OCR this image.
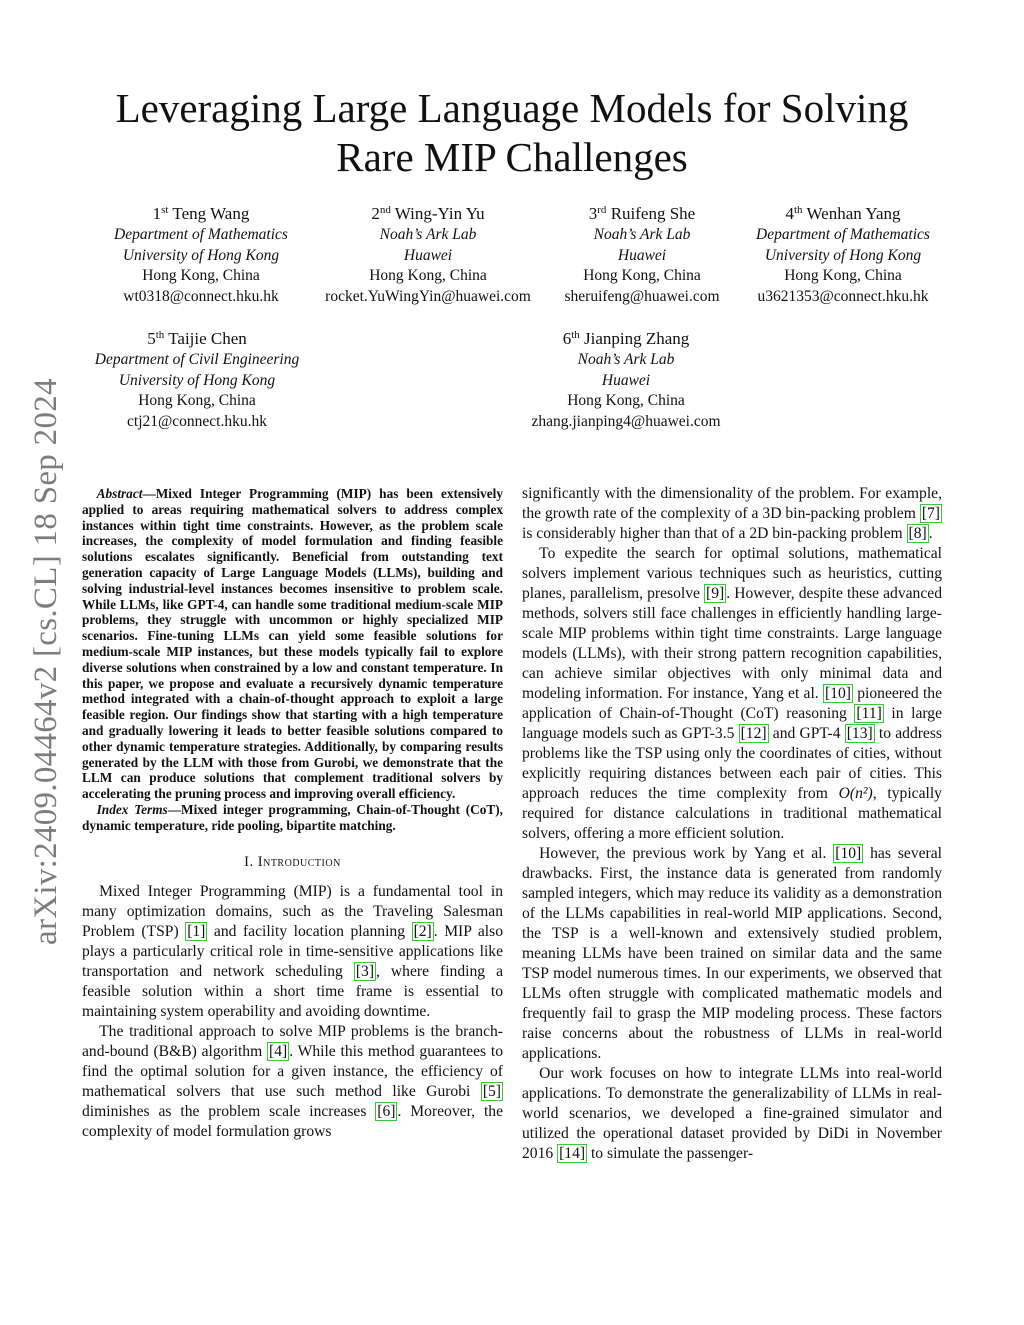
arXiv:2409.04464v2 [cs.CL] 18 Sep 2024
Leveraging Large Language Models for Solving
Rare MIP Challenges
1st Teng Wang
Department of Mathematics
University of Hong Kong
Hong Kong, China
wt0318@connect.hku.hk
2nd Wing-Yin Yu
Noah’s Ark Lab
Huawei
Hong Kong, China
rocket.YuWingYin@huawei.com
3rd Ruifeng She
Noah’s Ark Lab
Huawei
Hong Kong, China
sheruifeng@huawei.com
4th Wenhan Yang
Department of Mathematics
University of Hong Kong
Hong Kong, China
u3621353@connect.hku.hk
5th Taijie Chen
Department of Civil Engineering
University of Hong Kong
Hong Kong, China
ctj21@connect.hku.hk
6th Jianping Zhang
Noah’s Ark Lab
Huawei
Hong Kong, China
zhang.jianping4@huawei.com

Abstract—Mixed Integer Programming (MIP) has been extensively applied to areas requiring mathematical solvers to address complex instances within tight time constraints. However, as the problem scale increases, the complexity of model formulation and finding feasible solutions escalates significantly. Beneficial from outstanding text generation capacity of Large Language Models (LLMs), building and solving industrial-level instances becomes insensitive to problem scale. While LLMs, like GPT-4, can handle some traditional medium-scale MIP problems, they struggle with uncommon or highly specialized MIP scenarios. Fine-tuning LLMs can yield some feasible solutions for medium-scale MIP instances, but these models typically fail to explore diverse solutions when constrained by a low and constant temperature. In this paper, we propose and evaluate a recursively dynamic temperature method integrated with a chain-of-thought approach to exploit a large feasible region. Our findings show that starting with a high temperature and gradually lowering it leads to better feasible solutions compared to other dynamic temperature strategies. Additionally, by comparing results generated by the LLM with those from Gurobi, we demonstrate that the LLM can produce solutions that complement traditional solvers by accelerating the pruning process and improving overall efficiency.

Index Terms—Mixed integer programming, Chain-of-Thought (CoT), dynamic temperature, ride pooling, bipartite matching.

I. Introduction

Mixed Integer Programming (MIP) is a fundamental tool in many optimization domains, such as the Traveling Salesman Problem (TSP) [1] and facility location planning [2] . MIP also plays a particularly critical role in time-sensitive applications like transportation and network scheduling [3] , where finding a feasible solution within a short time frame is essential to maintaining system operability and avoiding downtime.

The traditional approach to solve MIP problems is the branch-and-bound (B&B) algorithm [4] . While this method guarantees to find the optimal solution for a given instance, the efficiency of mathematical solvers that use such method like Gurobi [5] diminishes as the problem scale increases [6] . Moreover, the complexity of model formulation grows

significantly with the dimensionality of the problem. For example, the growth rate of the complexity of a 3D bin-packing problem [7] is considerably higher than that of a 2D bin-packing problem [8] .

To expedite the search for optimal solutions, mathematical solvers implement various techniques such as heuristics, cutting planes, parallelism, presolve [9] . However, despite these advanced methods, solvers still face challenges in efficiently handling large-scale MIP problems within tight time constraints. Large language models (LLMs), with their strong pattern recognition capabilities, can achieve similar objectives with only minimal data and modeling information. For instance, Yang et al. [10] pioneered the application of Chain-of-Thought (CoT) reasoning [11] in large language models such as GPT-3.5 [12] and GPT-4 [13] to address problems like the TSP using only the coordinates of cities, without explicitly requiring distances between each pair of cities. This approach reduces the time complexity from O(n²), typically required for distance calculations in traditional mathematical solvers, offering a more efficient solution.

However, the previous work by Yang et al. [10] has several drawbacks. First, the instance data is generated from randomly sampled integers, which may reduce its validity as a demonstration of the LLMs capabilities in real-world MIP applications. Second, the TSP is a well-known and extensively studied problem, meaning LLMs have been trained on similar data and the same TSP model numerous times. In our experiments, we observed that LLMs often struggle with complicated mathematic models and frequently fail to grasp the MIP modeling process. These factors raise concerns about the robustness of LLMs in real-world applications.

Our work focuses on how to integrate LLMs into real-world applications. To demonstrate the generalizability of LLMs in real-world scenarios, we developed a fine-grained simulator and utilized the operational dataset provided by DiDi in November 2016 [14] to simulate the passenger-
